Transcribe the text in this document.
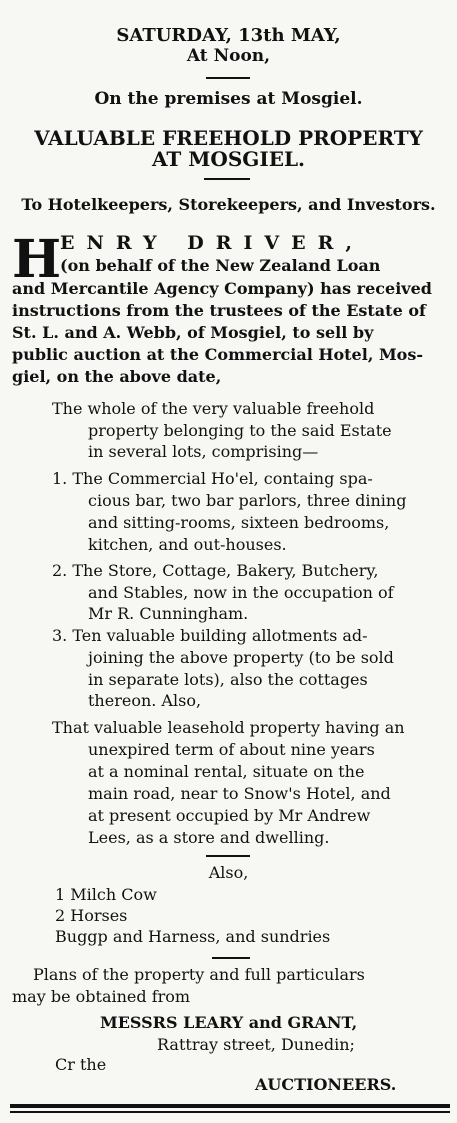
SATURDAY, 13th MAY,
At Noon,
On the premises at Mosgiel.
VALUABLE FREEHOLD PROPERTY
AT MOSGIEL.
To Hotelkeepers, Storekeepers, and Investors.
H
ENRY DRIVER,
(on behalf of the New Zealand Loan
and Mercantile Agency Company) has received
instructions from the trustees of the Estate of
St. L. and A. Webb, of Mosgiel, to sell by
public auction at the Commercial Hotel, Mos-
giel, on the above date,
The whole of the very valuable freehold
property belonging to the said Estate
in several lots, comprising—
1. The Commercial Ho'el, containg spa-
cious bar, two bar parlors, three dining
and sitting-rooms, sixteen bedrooms,
kitchen, and out-houses.
2. The Store, Cottage, Bakery, Butchery,
and Stables, now in the occupation of
Mr R. Cunningham.
3. Ten valuable building allotments ad-
joining the above property (to be sold
in separate lots), also the cottages
thereon. Also,
That valuable leasehold property having an
unexpired term of about nine years
at a nominal rental, situate on the
main road, near to Snow's Hotel, and
at present occupied by Mr Andrew
Lees, as a store and dwelling.
Also,
1 Milch Cow
2 Horses
Buggp and Harness, and sundries
Plans of the property and full particulars
may be obtained from
MESSRS LEARY and GRANT,
Rattray street, Dunedin;
Cr the
AUCTIONEERS.
